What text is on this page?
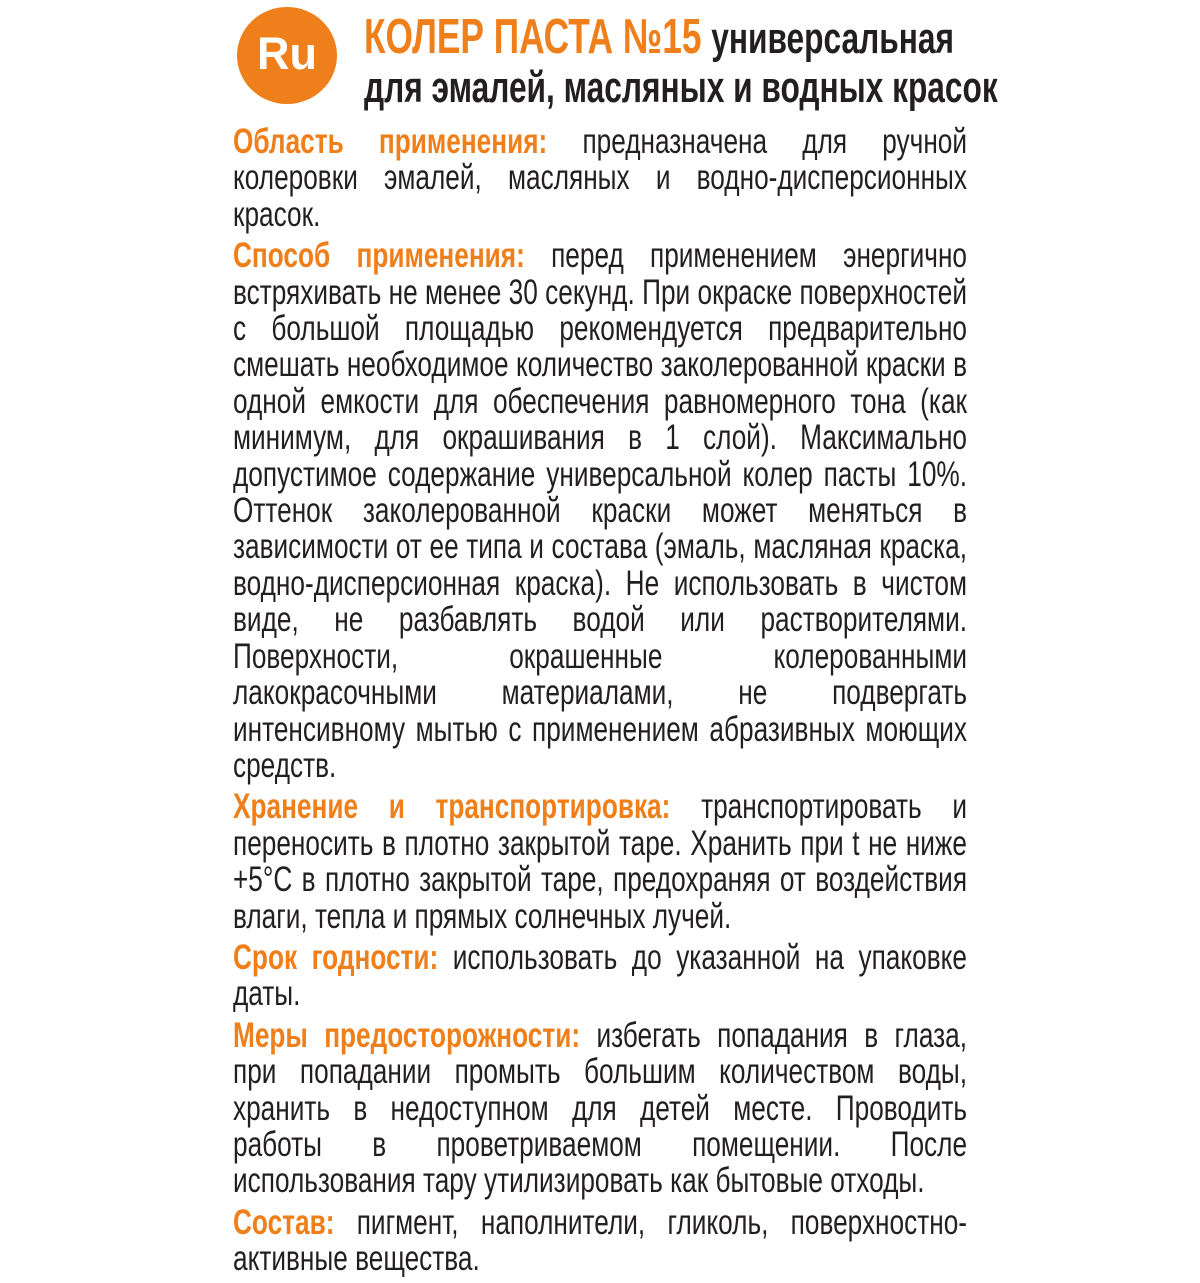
Ru КОЛЕР ПАСТА №15 универсальная
для эмалей, масляных и водных красок

Область применения: предназначена для ручной колеровки эмалей, масляных и водно-дисперсионных красок.

Способ применения: перед применением энергично встряхивать не менее 30 секунд. При окраске поверхностей с большой площадью рекомендуется предварительно смешать необходимое количество заколерованной краски в одной емкости для обеспечения равномерного тона (как минимум, для окрашивания в 1 слой). Максимально допустимое содержание универсальной колер пасты 10%. Оттенок заколерованной краски может меняться в зависимости от ее типа и состава (эмаль, масляная краска, водно-дисперсионная краска). Не использовать в чистом виде, не разбавлять водой или растворителями. Поверхности, окрашенные колерованными лакокрасочными материалами, не подвергать интенсивному мытью с применением абразивных моющих средств.

Хранение и транспортировка: транспортировать и переносить в плотно закрытой таре. Хранить при t не ниже +5°С в плотно закрытой таре, предохраняя от воздействия влаги, тепла и прямых солнечных лучей.

Срок годности: использовать до указанной на упаковке даты.

Меры предосторожности: избегать попадания в глаза, при попадании промыть большим количеством воды, хранить в недоступном для детей месте. Проводить работы в проветриваемом помещении. После использования тару утилизировать как бытовые отходы.

Состав: пигмент, наполнители, гликоль, поверхностно-активные вещества.
